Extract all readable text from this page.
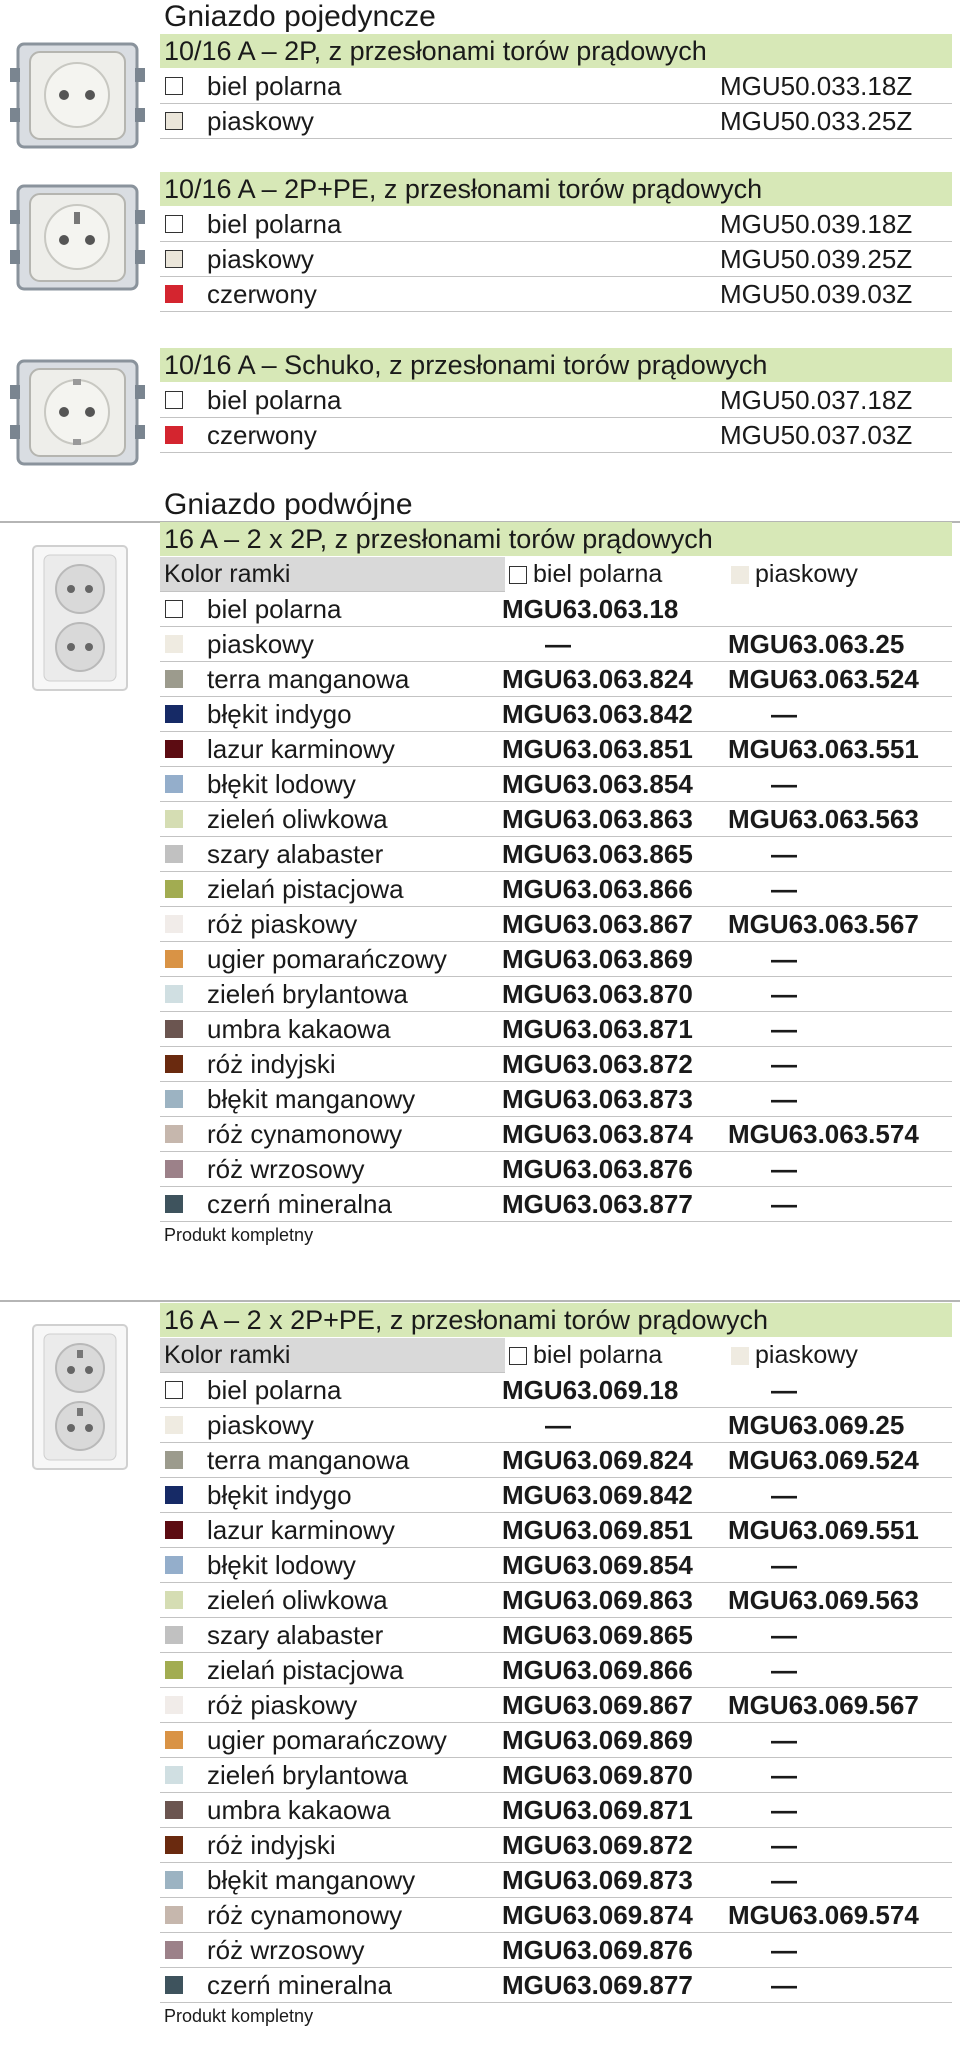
Gniazdo pojedyncze
10/16 A – 2P, z przesłonami torów prądowych
biel polarna	MGU50.033.18Z
piaskowy	MGU50.033.25Z
10/16 A – 2P+PE, z przesłonami torów prądowych
biel polarna	MGU50.039.18Z
piaskowy	MGU50.039.25Z
czerwony	MGU50.039.03Z
10/16 A – Schuko, z przesłonami torów prądowych
biel polarna	MGU50.037.18Z
czerwony	MGU50.037.03Z
Gniazdo podwójne
16 A – 2 x 2P, z przesłonami torów prądowych
Kolor ramki	biel polarna	piaskowy
biel polarna	MGU63.063.18
piaskowy	—	MGU63.063.25
terra manganowa	MGU63.063.824 MGU63.063.524
błękit indygo	MGU63.063.842	—
lazur karminowy	MGU63.063.851 MGU63.063.551
błękit lodowy	MGU63.063.854	—
zieleń oliwkowa	MGU63.063.863 MGU63.063.563
szary alabaster	MGU63.063.865	—
zielań pistacjowa	MGU63.063.866	—
róż piaskowy	MGU63.063.867 MGU63.063.567
ugier pomarańczowy MGU63.063.869	—
zieleń brylantowa	MGU63.063.870	—
umbra kakaowa	MGU63.063.871	—
róż indyjski	MGU63.063.872	—
błękit manganowy	MGU63.063.873	—
róż cynamonowy	MGU63.063.874 MGU63.063.574
róż wrzosowy	MGU63.063.876	—
czerń mineralna	MGU63.063.877	—
Produkt kompletny
16 A – 2 x 2P+PE, z przesłonami torów prądowych
Kolor ramki	biel polarna	piaskowy
biel polarna	MGU63.069.18	—
piaskowy	—	MGU63.069.25
terra manganowa	MGU63.069.824 MGU63.069.524
błękit indygo	MGU63.069.842	—
lazur karminowy	MGU63.069.851 MGU63.069.551
błękit lodowy	MGU63.069.854	—
zieleń oliwkowa	MGU63.069.863 MGU63.069.563
szary alabaster	MGU63.069.865	—
zielań pistacjowa	MGU63.069.866	—
róż piaskowy	MGU63.069.867 MGU63.069.567
ugier pomarańczowy MGU63.069.869	—
zieleń brylantowa	MGU63.069.870	—
umbra kakaowa	MGU63.069.871	—
róż indyjski	MGU63.069.872	—
błękit manganowy	MGU63.069.873	—
róż cynamonowy	MGU63.069.874 MGU63.069.574
róż wrzosowy	MGU63.069.876	—
czerń mineralna	MGU63.069.877	—
Produkt kompletny
